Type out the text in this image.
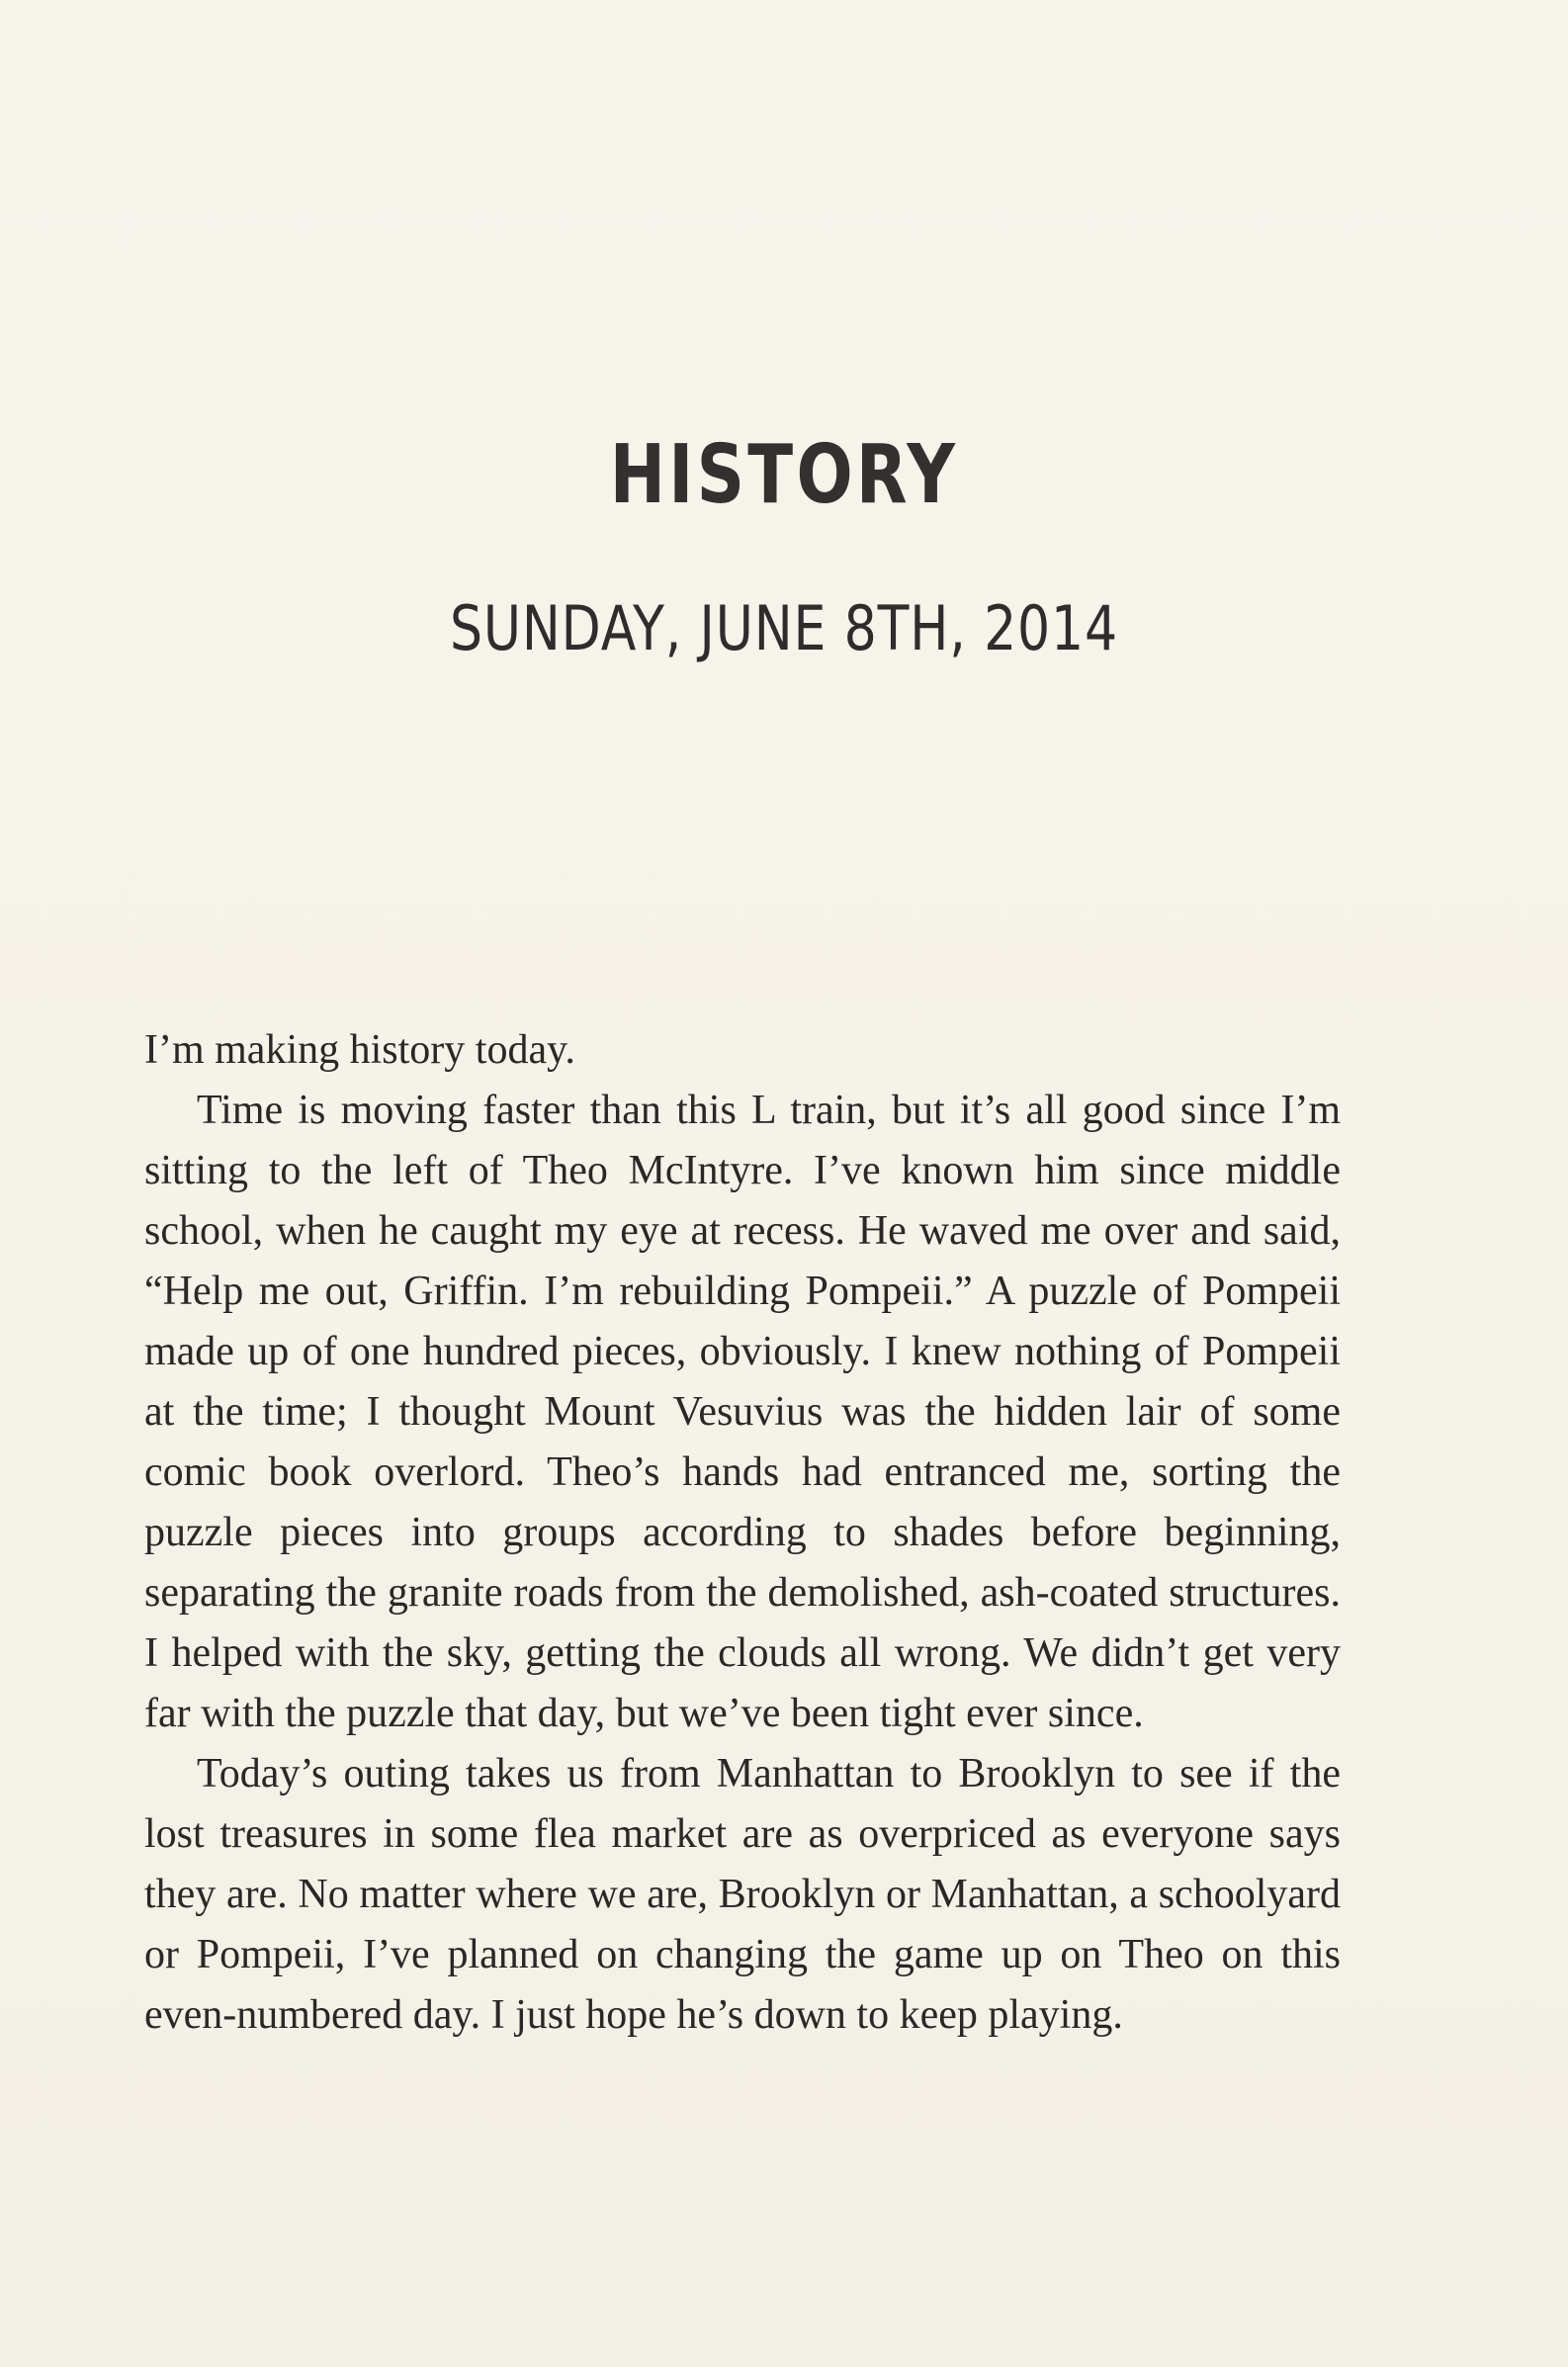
HISTORY
SUNDAY, JUNE 8TH, 2014

I’m making history today.

Time is moving faster than this L train, but it’s all good since I’m sitting to the left of Theo McIntyre. I’ve known him since middle school, when he caught my eye at recess. He waved me over and said, “Help me out, Griffin. I’m rebuilding Pompeii.” A puzzle of Pompeii made up of one hundred pieces, obviously. I knew nothing of Pompeii at the time; I thought Mount Vesuvius was the hidden lair of some comic book overlord. Theo’s hands had entranced me, sorting the puzzle pieces into groups according to shades before beginning, separating the granite roads from the demolished, ash-coated structures. I helped with the sky, getting the clouds all wrong. We didn’t get very far with the puzzle that day, but we’ve been tight ever since.

Today’s outing takes us from Manhattan to Brooklyn to see if the lost treasures in some flea market are as overpriced as everyone says they are. No matter where we are, Brooklyn or Manhattan, a schoolyard or Pompeii, I’ve planned on changing the game up on Theo on this even-numbered day. I just hope he’s down to keep playing.
